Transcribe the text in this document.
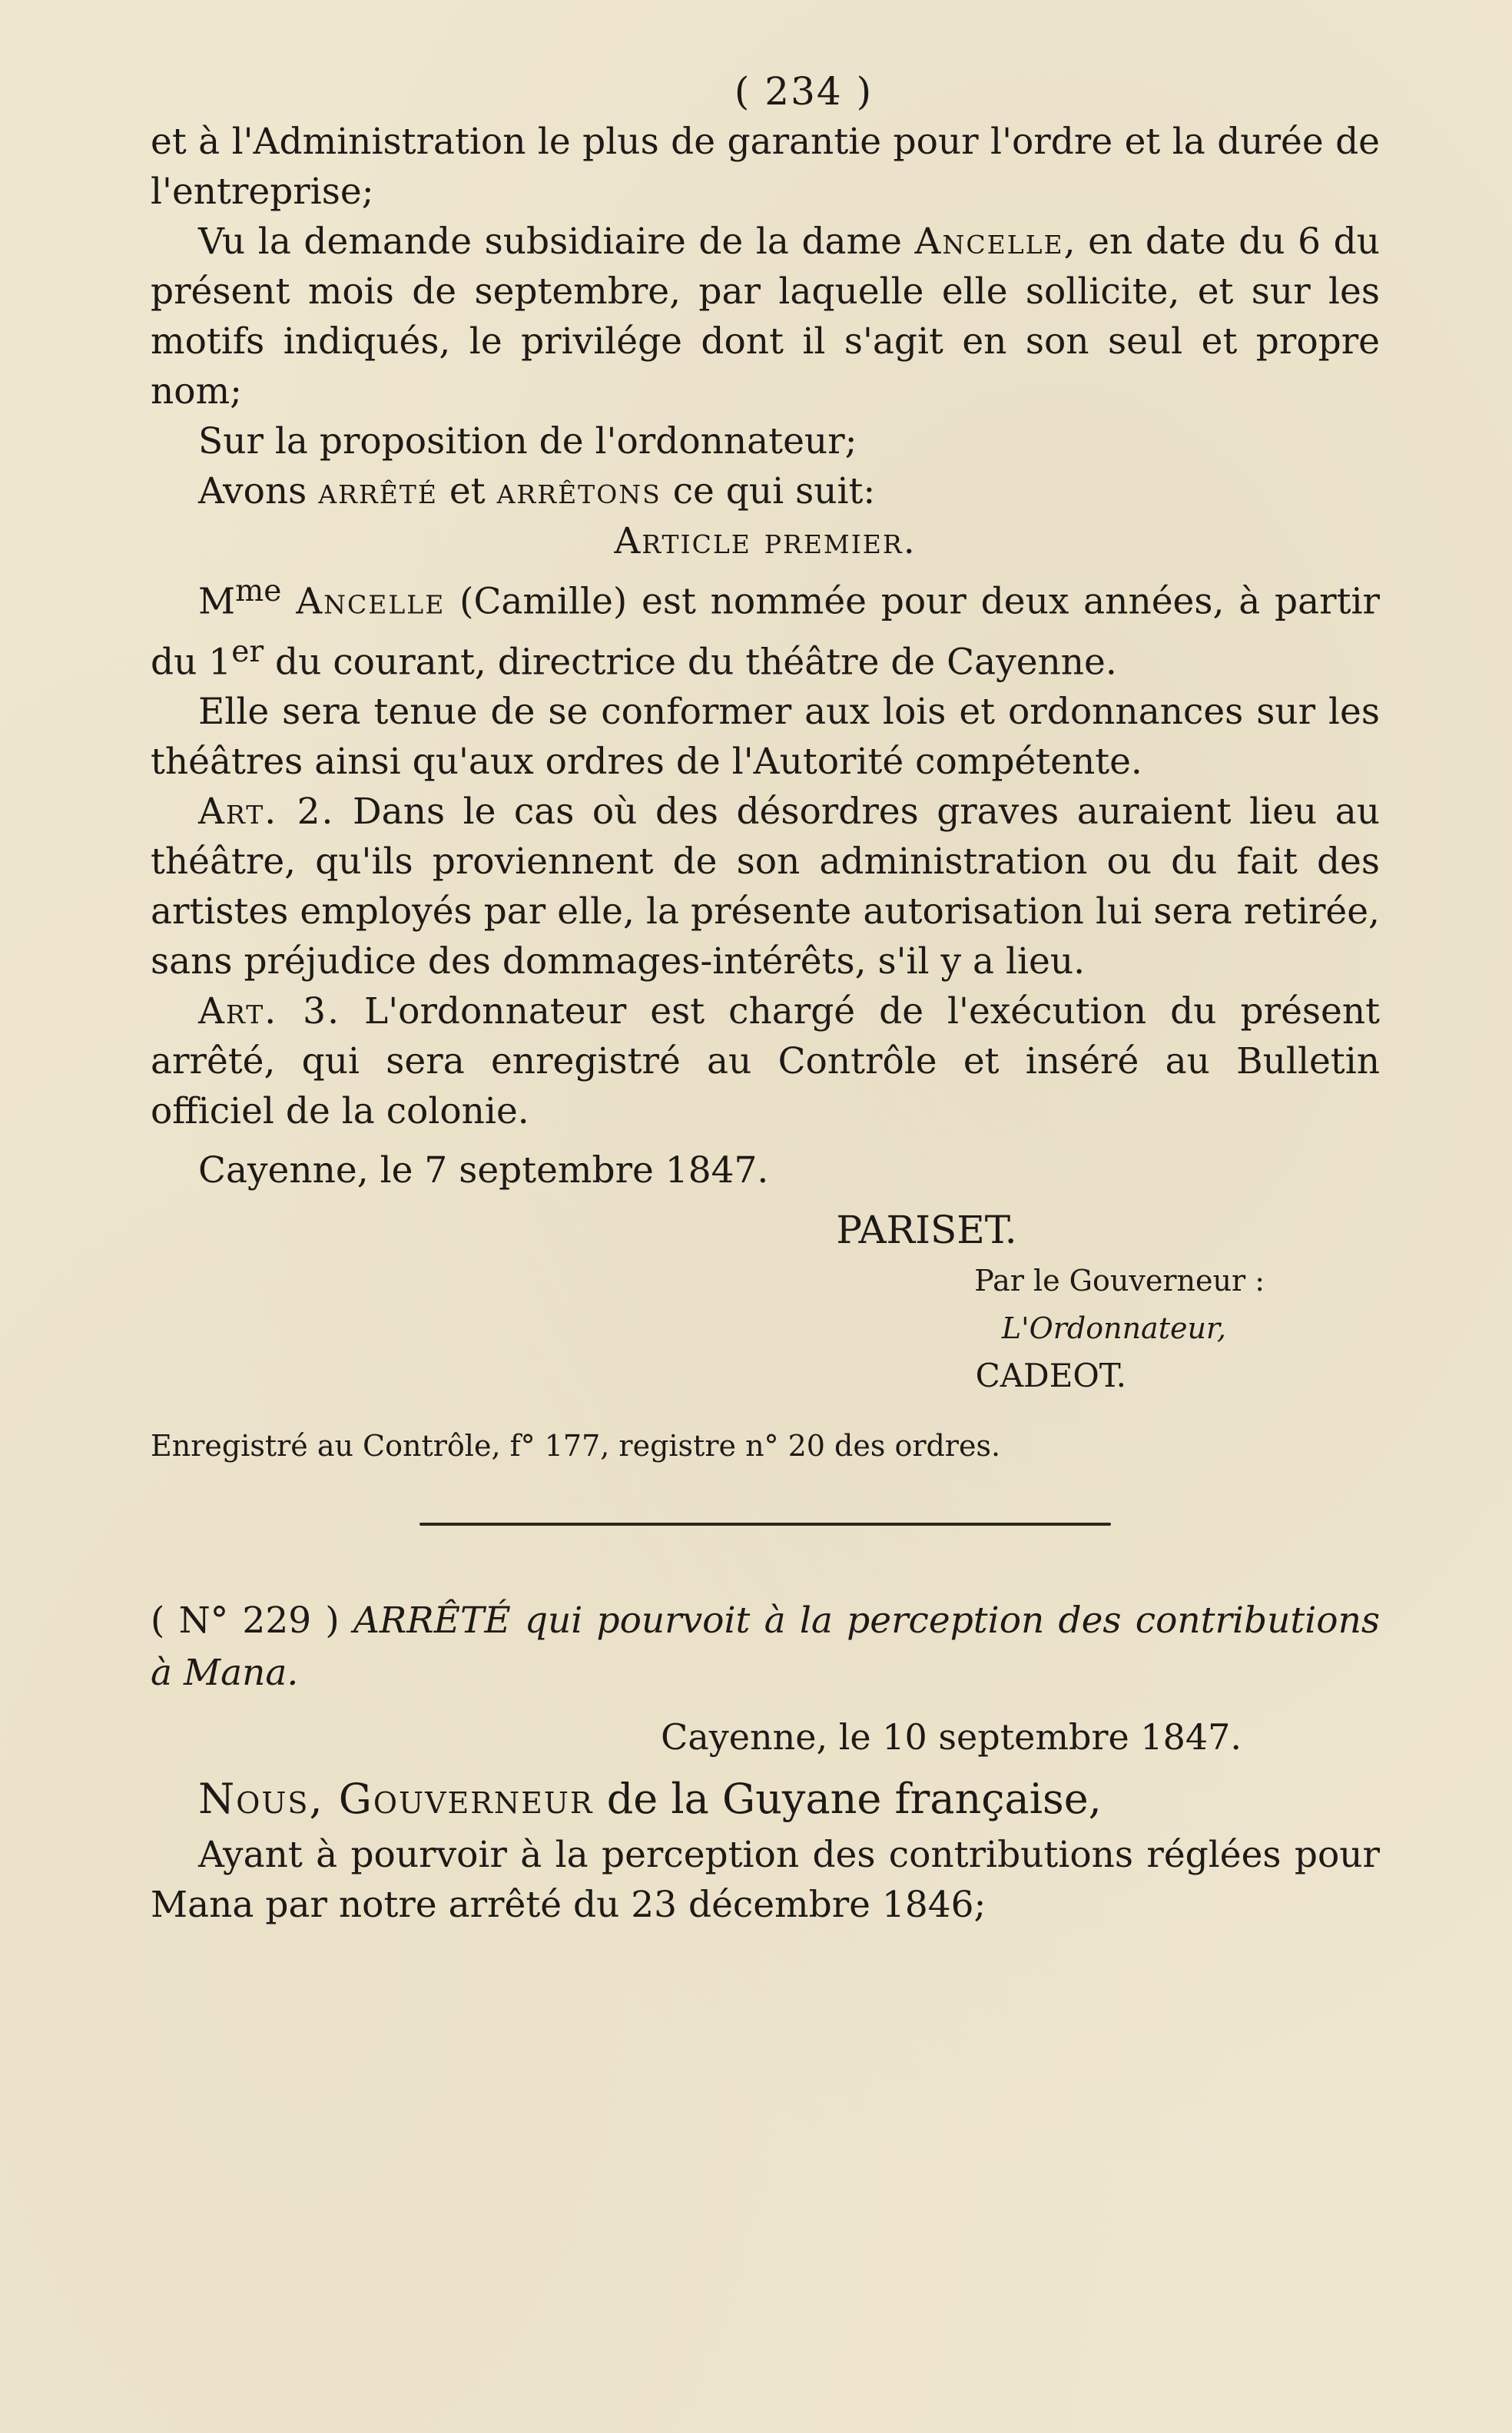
( 234 )

et à l'Administration le plus de garantie pour l'ordre et la durée de l'entreprise;

Vu la demande subsidiaire de la dame Ancelle, en date du 6 du présent mois de septembre, par laquelle elle sollicite, et sur les motifs indiqués, le privilége dont il s'agit en son seul et propre nom;

Sur la proposition de l'ordonnateur;

Avons arrêté et arrêtons ce qui suit:

Article premier.

$M^{me}$ Ancelle (Camille) est nommée pour deux années, à partir du 1er du courant, directrice du théâtre de Cayenne.

Elle sera tenue de se conformer aux lois et ordonnances sur les théâtres ainsi qu'aux ordres de l'Autorité compétente.

Art. 2. Dans le cas où des désordres graves auraient lieu au théâtre, qu'ils proviennent de son administration ou du fait des artistes employés par elle, la présente autorisation lui sera retirée, sans préjudice des dommages-intérêts, s'il y a lieu.

Art. 3. L'ordonnateur est chargé de l'exécution du présent arrêté, qui sera enregistré au Contrôle et inséré au Bulletin officiel de la colonie.

Cayenne, le 7 septembre 1847.

PARISET.

Par le Gouverneur :

L'Ordonnateur,

CADEOT.

Enregistré au Contrôle, f° 177, registre n° 20 des ordres.

( N° 229 ) ARRÊTÉ qui pourvoit à la perception des contributions à Mana.

Cayenne, le 10 septembre 1847.

Nous, Gouverneur de la Guyane française,

Ayant à pourvoir à la perception des contributions réglées pour Mana par notre arrêté du 23 décembre 1846;
